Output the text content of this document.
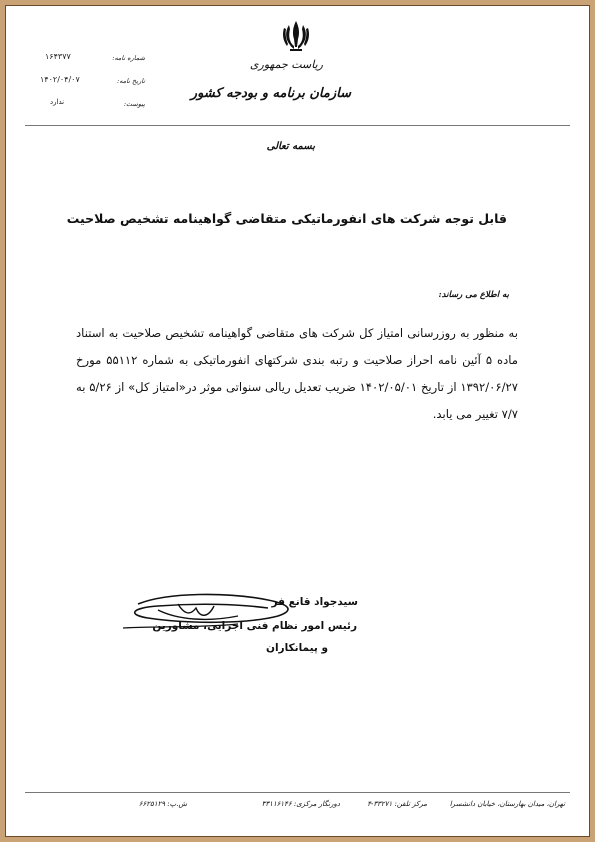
شماره نامه:
۱۶۴۳۷۷
تاریخ نامه:
۱۴۰۲/۰۴/۰۷
پیوست:
ندارد
ریاست جمهوری
سازمان برنامه و بودجه کشور
بسمه تعالی
قابل توجه شرکت های انفورماتیکی متقاضی گواهینامه تشخیص صلاحیت
به اطلاع می رساند:

به منظور به روزرسانی امتیاز کل شرکت های متقاضی گواهینامه تشخیص صلاحیت به استناد ماده ۵ آئین نامه احراز صلاحیت و رتبه بندی شرکتهای انفورماتیکی به شماره ۵۵۱۱۲ مورخ ۱۳۹۲/۰۶/۲۷ از تاریخ ۱۴۰۲/۰۵/۰۱ ضریب تعدیل ریالی سنواتی موثر در«امتیاز کل» از ۵/۲۶ به ۷/۷ تغییر می یابد.

سیدجواد قانع فر
رئیس امور نظام فنی اجرایی، مشاورین
و پیمانکاران
تهران، میدان بهارستان، خیابان دانشسرا
مرکز تلفن: ۳۳۲۷۱-۴
دورنگار مرکزی: ۳۳۱۱۶۱۴۶
ش.پ: ۶۶۲۵۱۲۹
